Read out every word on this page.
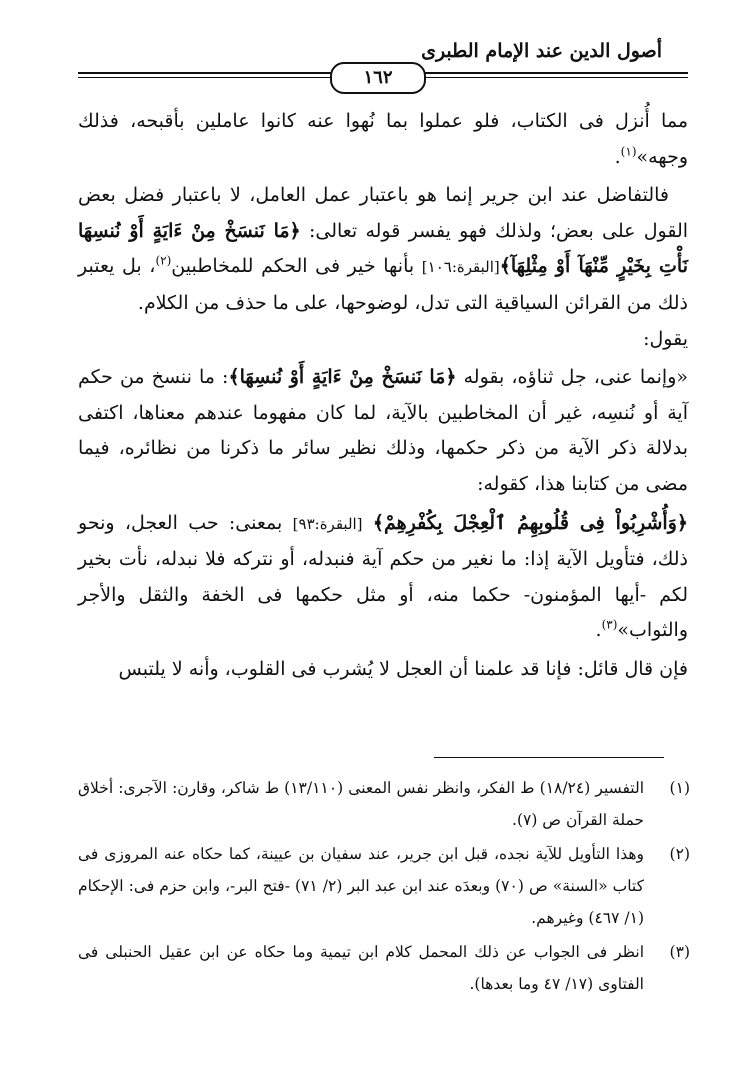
أصول الدين عند الإمام الطبرى
١٦٢

مما أُنزل فى الكتاب، فلو عملوا بما نُهوا عنه كانوا عاملين بأقبحه، فذلك وجهه»$^{(١)}$.

 فالتفاضل عند ابن جرير إنما هو باعتبار عمل العامل، لا باعتبار فضل بعض القول على بعض؛ ولذلك فهو يفسر قوله تعالى: ﴿مَا نَنسَخْ مِنْ ءَايَةٍ أَوْ نُنسِهَا نَأْتِ بِخَيْرٍ مِّنْهَآ أَوْ مِثْلِهَآ﴾[البقرة:١٠٦] بأنها خير فى الحكم للمخاطبين$^{(٢)}$، بل يعتبر ذلك من القرائن السياقية التى تدل، لوضوحها، على ما حذف من الكلام.

يقول:

«وإنما عنى، جل ثناؤه، بقوله ﴿مَا نَنسَخْ مِنْ ءَايَةٍ أَوْ نُنسِهَا﴾: ما ننسخ من حكم آية أو نُنسِه، غير أن المخاطبين بالآية، لما كان مفهوما عندهم معناها، اكتفى بدلالة ذكر الآية من ذكر حكمها، وذلك نظير سائر ما ذكرنا من نظائره، فيما مضى من كتابنا هذا، كقوله:

﴿وَأُشْرِبُواْ فِى قُلُوبِهِمُ ٱلْعِجْلَ بِكُفْرِهِمْ﴾ [البقرة:٩٣] بمعنى: حب العجل، ونحو ذلك، فتأويل الآية إذا: ما نغير من حكم آية فنبدله، أو نتركه فلا نبدله، نأت بخير لكم -أيها المؤمنون- حكما منه، أو مثل حكمها فى الخفة والثقل والأجر والثواب»$^{(٣)}$.

فإن قال قائل: فإنا قد علمنا أن العجل لا يُشرب فى القلوب، وأنه لا يلتبس

(١)
التفسير (١٨/٢٤) ط الفكر، وانظر نفس المعنى (١٣/١١٠) ط شاكر، وقارن: الآجرى: أخلاق حملة القرآن ص (٧).
(٢)
وهذا التأويل للآية نجده، قبل ابن جرير، عند سفيان بن عيينة، كما حكاه عنه المروزى فى كتاب «السنة» ص (٧٠) وبعدَه عند ابن عبد البر (٢/ ٧١) -فتح البر-، وابن حزم فى: الإحكام (١/ ٤٦٧) وغيرهم.
(٣)
انظر فى الجواب عن ذلك المحمل كلام ابن تيمية وما حكاه عن ابن عقيل الحنبلى فى الفتاوى (١٧/ ٤٧ وما بعدها).
